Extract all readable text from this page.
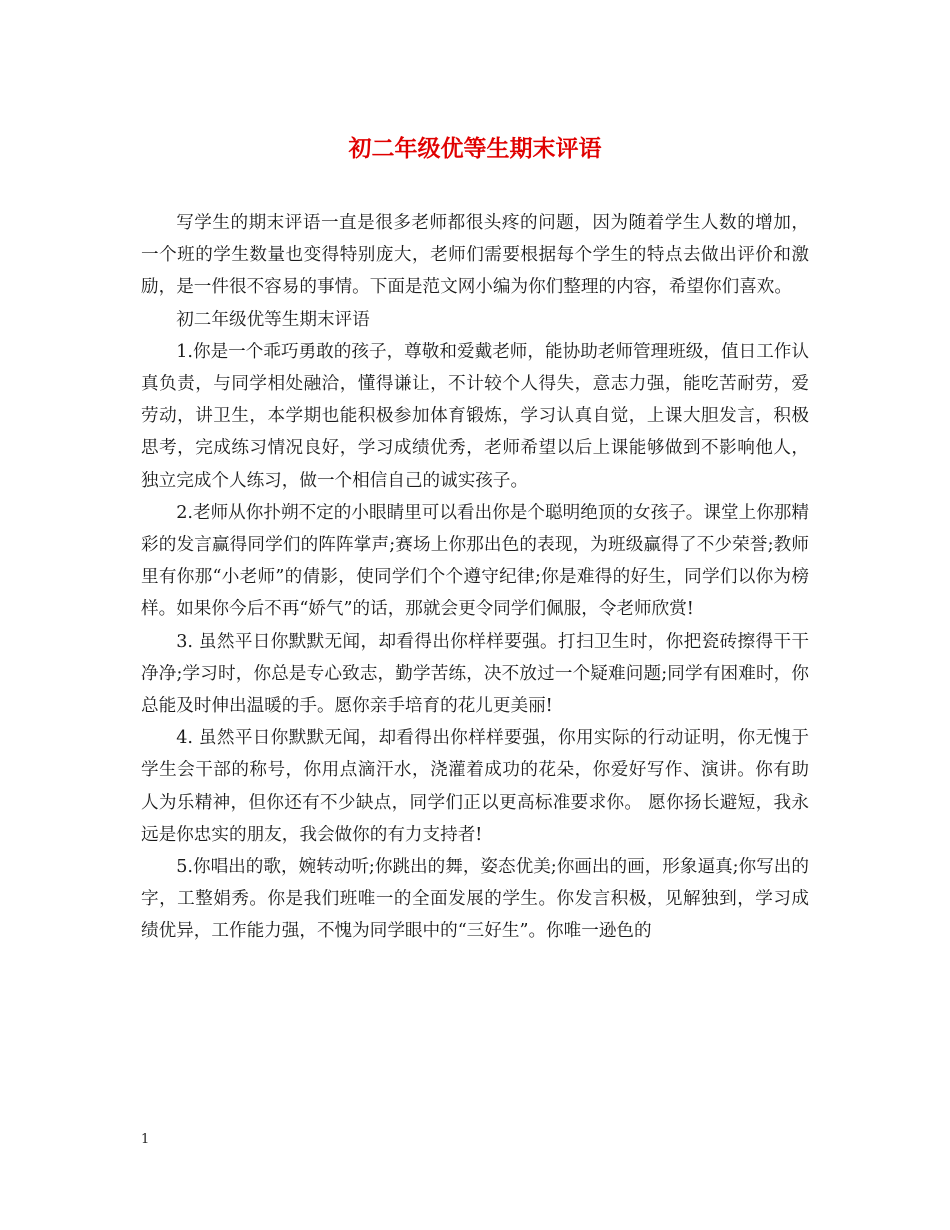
初二年级优等生期末评语

写学生的期末评语一直是很多老师都很头疼的问题，因为随着学生人数的增加，一个班的学生数量也变得特别庞大，老师们需要根据每个学生的特点去做出评价和激励，是一件很不容易的事情。下面是范文网小编为你们整理的内容，希望你们喜欢。

初二年级优等生期末评语

1.你是一个乖巧勇敢的孩子，尊敬和爱戴老师，能协助老师管理班级，值日工作认真负责，与同学相处融洽，懂得谦让，不计较个人得失，意志力强，能吃苦耐劳，爱劳动，讲卫生，本学期也能积极参加体育锻炼，学习认真自觉，上课大胆发言，积极思考，完成练习情况良好，学习成绩优秀，老师希望以后上课能够做到不影响他人，独立完成个人练习，做一个相信自己的诚实孩子。

2.老师从你扑朔不定的小眼睛里可以看出你是个聪明绝顶的女孩子。课堂上你那精彩的发言赢得同学们的阵阵掌声;赛场上你那出色的表现，为班级赢得了不少荣誉;教师里有你那“小老师”的倩影，使同学们个个遵守纪律;你是难得的好生，同学们以你为榜样。如果你今后不再“娇气”的话，那就会更令同学们佩服，令老师欣赏!

3. 虽然平日你默默无闻，却看得出你样样要强。打扫卫生时，你把瓷砖擦得干干净净;学习时，你总是专心致志，勤学苦练，决不放过一个疑难问题;同学有困难时，你总能及时伸出温暖的手。愿你亲手培育的花儿更美丽!

4. 虽然平日你默默无闻，却看得出你样样要强，你用实际的行动证明，你无愧于学生会干部的称号，你用点滴汗水，浇灌着成功的花朵，你爱好写作、演讲。你有助人为乐精神，但你还有不少缺点，同学们正以更高标准要求你。 愿你扬长避短，我永远是你忠实的朋友，我会做你的有力支持者!

5.你唱出的歌，婉转动听;你跳出的舞，姿态优美;你画出的画，形象逼真;你写出的字，工整娟秀。你是我们班唯一的全面发展的学生。你发言积极，见解独到，学习成绩优异，工作能力强，不愧为同学眼中的“三好生”。你唯一逊色的

1
